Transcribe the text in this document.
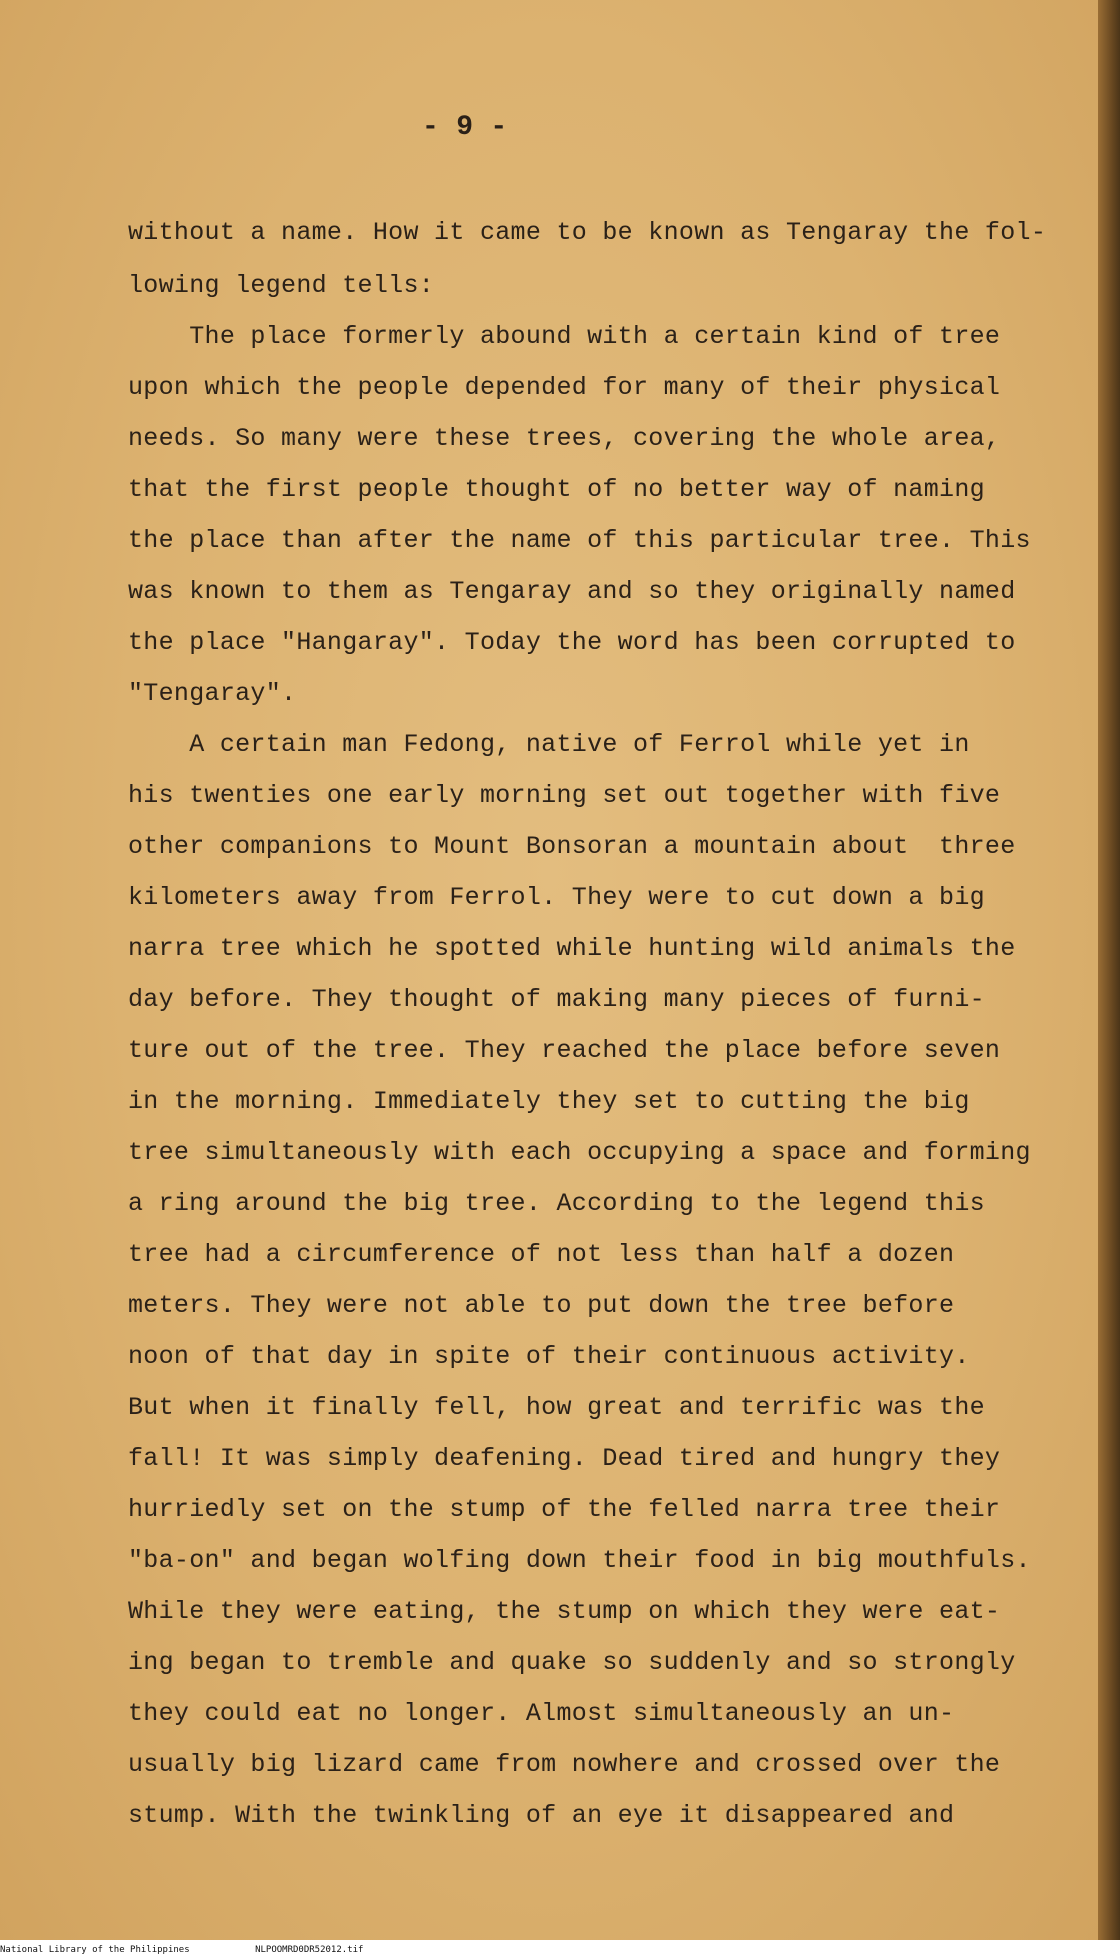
- 9 -
without a name. How it came to be known as Tengaray the fol-
lowing legend tells:
The place formerly abound with a certain kind of tree
upon which the people depended for many of their physical
needs. So many were these trees, covering the whole area,
that the first people thought of no better way of naming
the place than after the name of this particular tree. This
was known to them as Tengaray and so they originally named
the place "Hangaray". Today the word has been corrupted to
"Tengaray".
A certain man Fedong, native of Ferrol while yet in
his twenties one early morning set out together with five
other companions to Mount Bonsoran a mountain about  three
kilometers away from Ferrol. They were to cut down a big
narra tree which he spotted while hunting wild animals the
day before. They thought of making many pieces of furni-
ture out of the tree. They reached the place before seven
in the morning. Immediately they set to cutting the big
tree simultaneously with each occupying a space and forming
a ring around the big tree. According to the legend this
tree had a circumference of not less than half a dozen
meters. They were not able to put down the tree before
noon of that day in spite of their continuous activity.
But when it finally fell, how great and terrific was the
fall! It was simply deafening. Dead tired and hungry they
hurriedly set on the stump of the felled narra tree their
"ba-on" and began wolfing down their food in big mouthfuls.
While they were eating, the stump on which they were eat-
ing began to tremble and quake so suddenly and so strongly
they could eat no longer. Almost simultaneously an un-
usually big lizard came from nowhere and crossed over the
stump. With the twinkling of an eye it disappeared and
National Library of the Philippines	NLPOOMRD0DR52012.tif
